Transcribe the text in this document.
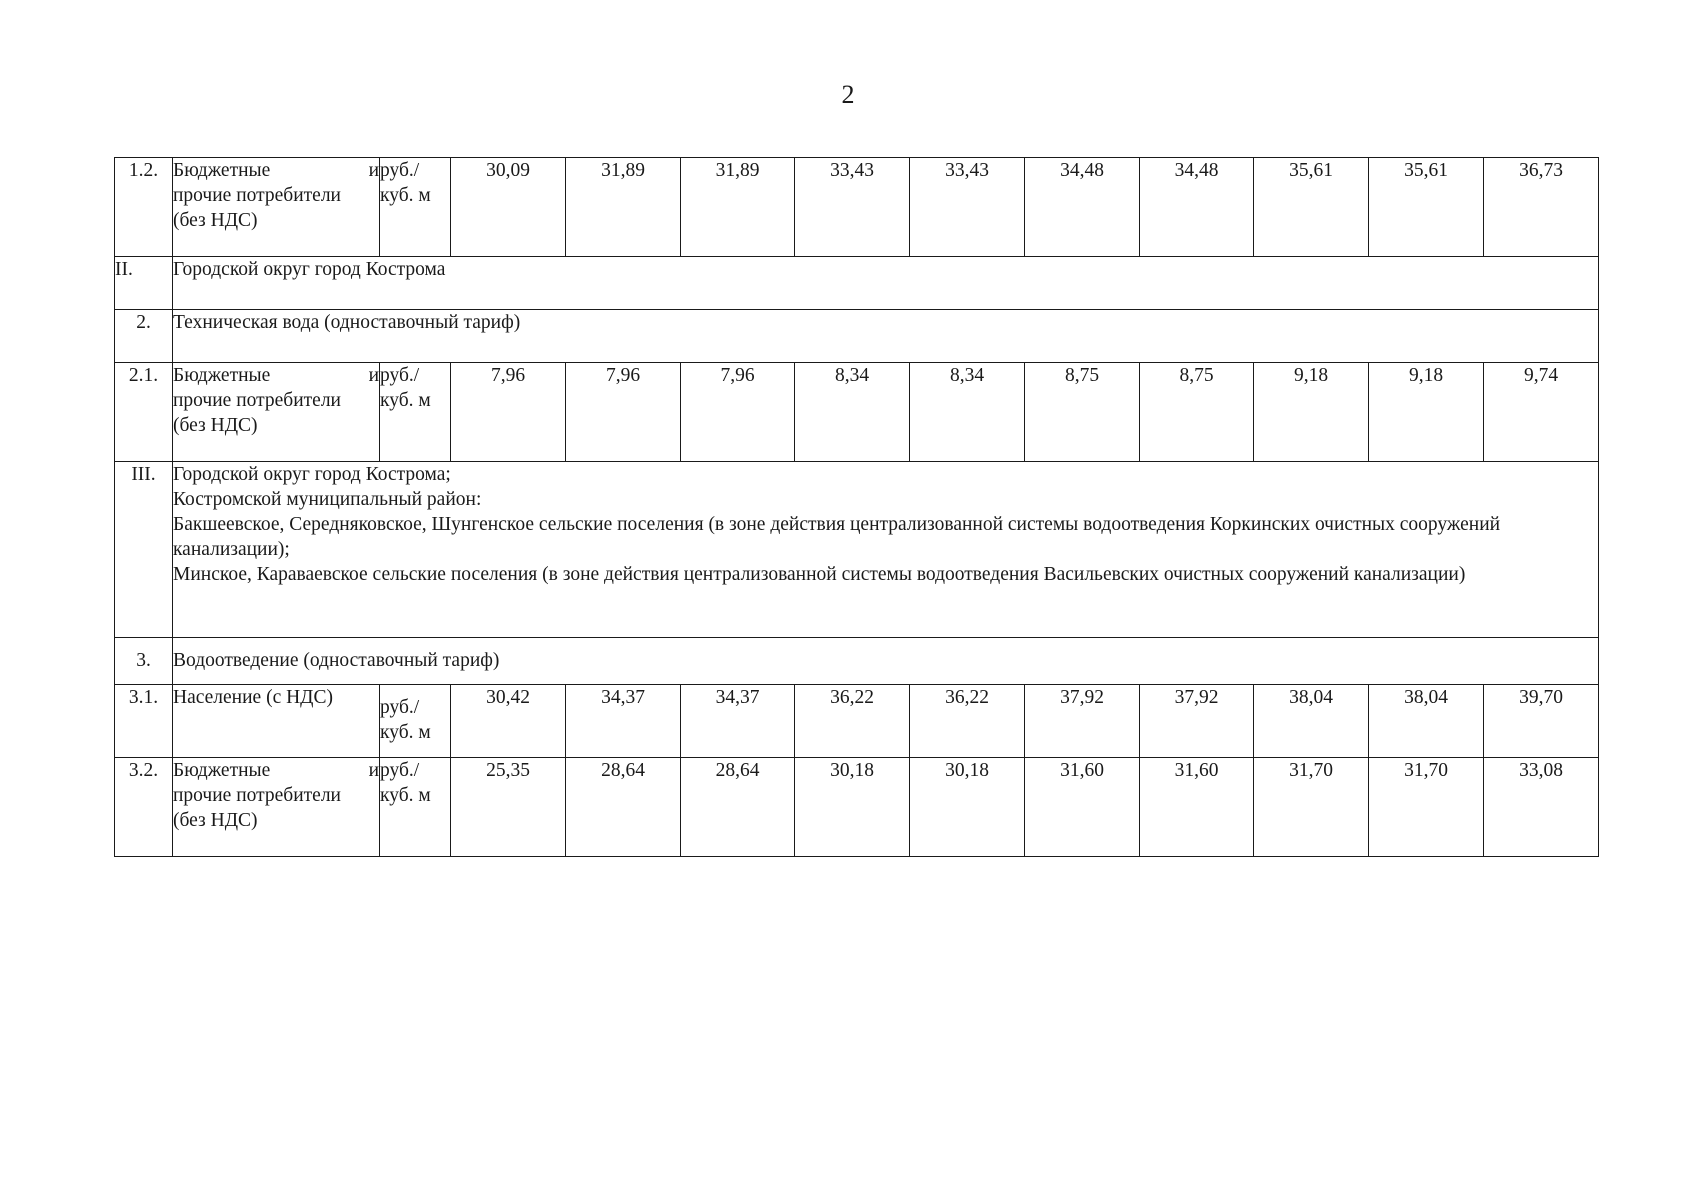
2
1.2.	Бюджетные и
прочие потребители
(без НДС)	руб./
куб. м	30,09	31,89	31,89	33,43	33,43	34,48	34,48	35,61	35,61	36,73
II.	Городской округ город Кострома											
2.	Техническая вода (одноставочный тариф)											
2.1.	Бюджетные и
прочие потребители
(без НДС)	руб./
куб. м	7,96	7,96	7,96	8,34	8,34	8,75	8,75	9,18	9,18	9,74
III.	Городской округ город Кострома;
Костромской муниципальный район:
Бакшеевское, Середняковское, Шунгенское сельские поселения (в зоне действия централизованной системы водоотведения Коркинских очистных сооружений канализации);
Минское, Караваевское сельские поселения (в зоне действия централизованной системы водоотведения Васильевских очистных сооружений канализации)											

3.	Водоотведение (одноставочный тариф)											
3.1.	Население (с НДС)	руб./
куб. м	30,42	34,37	34,37	36,22	36,22	37,92	37,92	38,04	38,04	39,70
3.2.	Бюджетные и
прочие потребители
(без НДС)	руб./
куб. м	25,35	28,64	28,64	30,18	30,18	31,60	31,60	31,70	31,70	33,08
